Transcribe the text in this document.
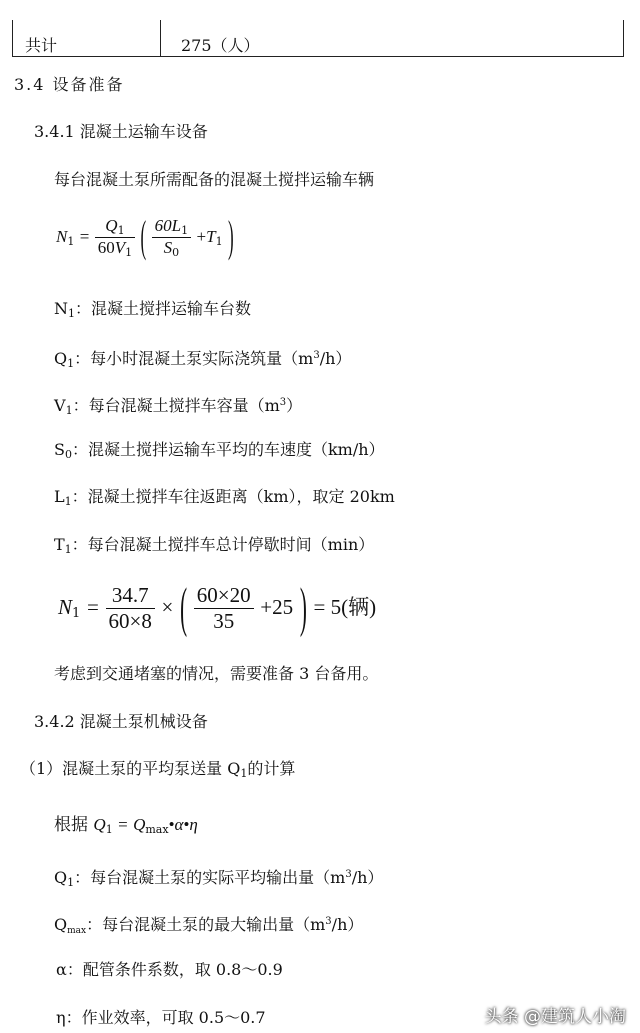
共计	275（人）
3.4 设备准备
3.4.1 混凝土运输车设备
每台混凝土泵所需配备的混凝土搅拌运输车辆
$N_1 = \frac{Q_1}{60V_1}$ ( $\frac{60L_1}{S_0} +T_1$ )
$N_1$：混凝土搅拌运输车台数
$Q_1$：每小时混凝土泵实际浇筑量$(m^3/h)$
$V_1$：每台混凝土搅拌车容量$(m^3)$
$S_0$：混凝土搅拌运输车平均的车速度（km/h）
$L_1$：混凝土搅拌车往返距离（km），取定 20km
$T_1$：每台混凝土搅拌车总计停歇时间（min）
$N_1 = \frac{34.7}{60\times 8}$ × ( $\frac{60\times 20}{35} +25$ ) = 5(辆)
考虑到交通堵塞的情况，需要准备 3 台备用。
3.4.2 混凝土泵机械设备
（1）混凝土泵的平均泵送量 $Q_1$的计算
根据 $Q_1$ = $Q_{max}•\alpha•\eta$
$Q_1$：每台混凝土泵的实际平均输出量$(m^3/h)$
$Q_{max}$：每台混凝土泵的最大输出量$(m^3/h)$
α：配管条件系数，取 0.8～0.9
η：作业效率，可取 0.5～0.7	头条 @建筑人小淘
